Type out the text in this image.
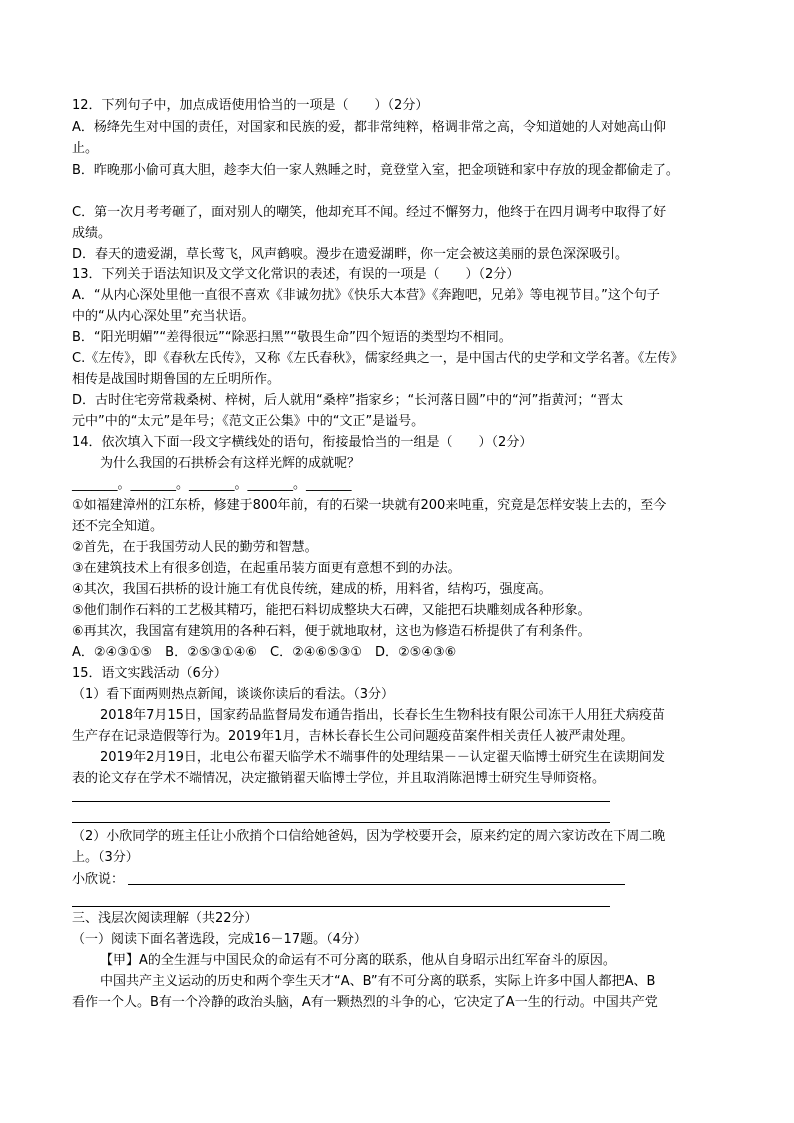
12．下列句子中，加点成语使用恰当的一项是（　　）（2分）
A．杨绛先生对中国的责任，对国家和民族的爱，都非常纯粹，格调非常之高，令知道她的人对她高山仰
止。
B．昨晚那小偷可真大胆，趁李大伯一家人熟睡之时，竟登堂入室，把金项链和家中存放的现金都偷走了。
C．第一次月考考砸了，面对别人的嘲笑，他却充耳不闻。经过不懈努力，他终于在四月调考中取得了好
成绩。
D．春天的遗爱湖，草长莺飞，风声鹤唳。漫步在遗爱湖畔，你一定会被这美丽的景色深深吸引。
13．下列关于语法知识及文学文化常识的表述，有误的一项是（　　）（2分）
A．“从内心深处里他一直很不喜欢《非诚勿扰》《快乐大本营》《奔跑吧，兄弟》等电视节目。”这个句子
中的“从内心深处里”充当状语。
B．“阳光明媚”“差得很远”“除恶扫黑”“敬畏生命”四个短语的类型均不相同。
C.《左传》，即《春秋左氏传》，又称《左氏春秋》，儒家经典之一，是中国古代的史学和文学名著。《左传》
相传是战国时期鲁国的左丘明所作。
D．古时住宅旁常栽桑树、梓树，后人就用“桑梓”指家乡；“长河落日圆”中的“河”指黄河；“晋太
元中”中的“太元”是年号；《范文正公集》中的“文正”是谥号。
14．依次填入下面一段文字横线处的语句，衔接最恰当的一组是（　　）（2分）
为什么我国的石拱桥会有这样光辉的成就呢？
_______。_______。_______。_______。_______
①如福建漳州的江东桥，修建于800年前，有的石梁一块就有200来吨重，究竟是怎样安装上去的，至今
还不完全知道。
②首先，在于我国劳动人民的勤劳和智慧。
③在建筑技术上有很多创造，在起重吊装方面更有意想不到的办法。
④其次，我国石拱桥的设计施工有优良传统，建成的桥，用料省，结构巧，强度高。
⑤他们制作石料的工艺极其精巧，能把石料切成整块大石碑，又能把石块雕刻成各种形象。
⑥再其次，我国富有建筑用的各种石料，便于就地取材，这也为修造石桥提供了有利条件。
A．②④③①⑤　B．②⑤③①④⑥　C．②④⑥⑤③①　D．②⑤④③⑥
15．语文实践活动（6分）
（1）看下面两则热点新闻，谈谈你读后的看法。（3分）
2018年7月15日，国家药品监督局发布通告指出，长春长生生物科技有限公司冻干人用狂犬病疫苗
生产存在记录造假等行为。2019年1月，吉林长春长生公司问题疫苗案件相关责任人被严肃处理。
2019年2月19日，北电公布翟天临学术不端事件的处理结果－－认定翟天临博士研究生在读期间发
表的论文存在学术不端情况，决定撤销翟天临博士学位，并且取消陈浥博士研究生导师资格。
（2）小欣同学的班主任让小欣捎个口信给她爸妈，因为学校要开会，原来约定的周六家访改在下周二晚
上。（3分）
小欣说：
三、浅层次阅读理解（共22分）
（一）阅读下面名著选段，完成16－17题。（4分）
【甲】A的全生涯与中国民众的命运有不可分离的联系，他从自身昭示出红军奋斗的原因。
中国共产主义运动的历史和两个孪生天才“A、B”有不可分离的联系，实际上许多中国人都把A、B
看作一个人。B有一个冷静的政治头脑，A有一颗热烈的斗争的心，它决定了A一生的行动。中国共产党
